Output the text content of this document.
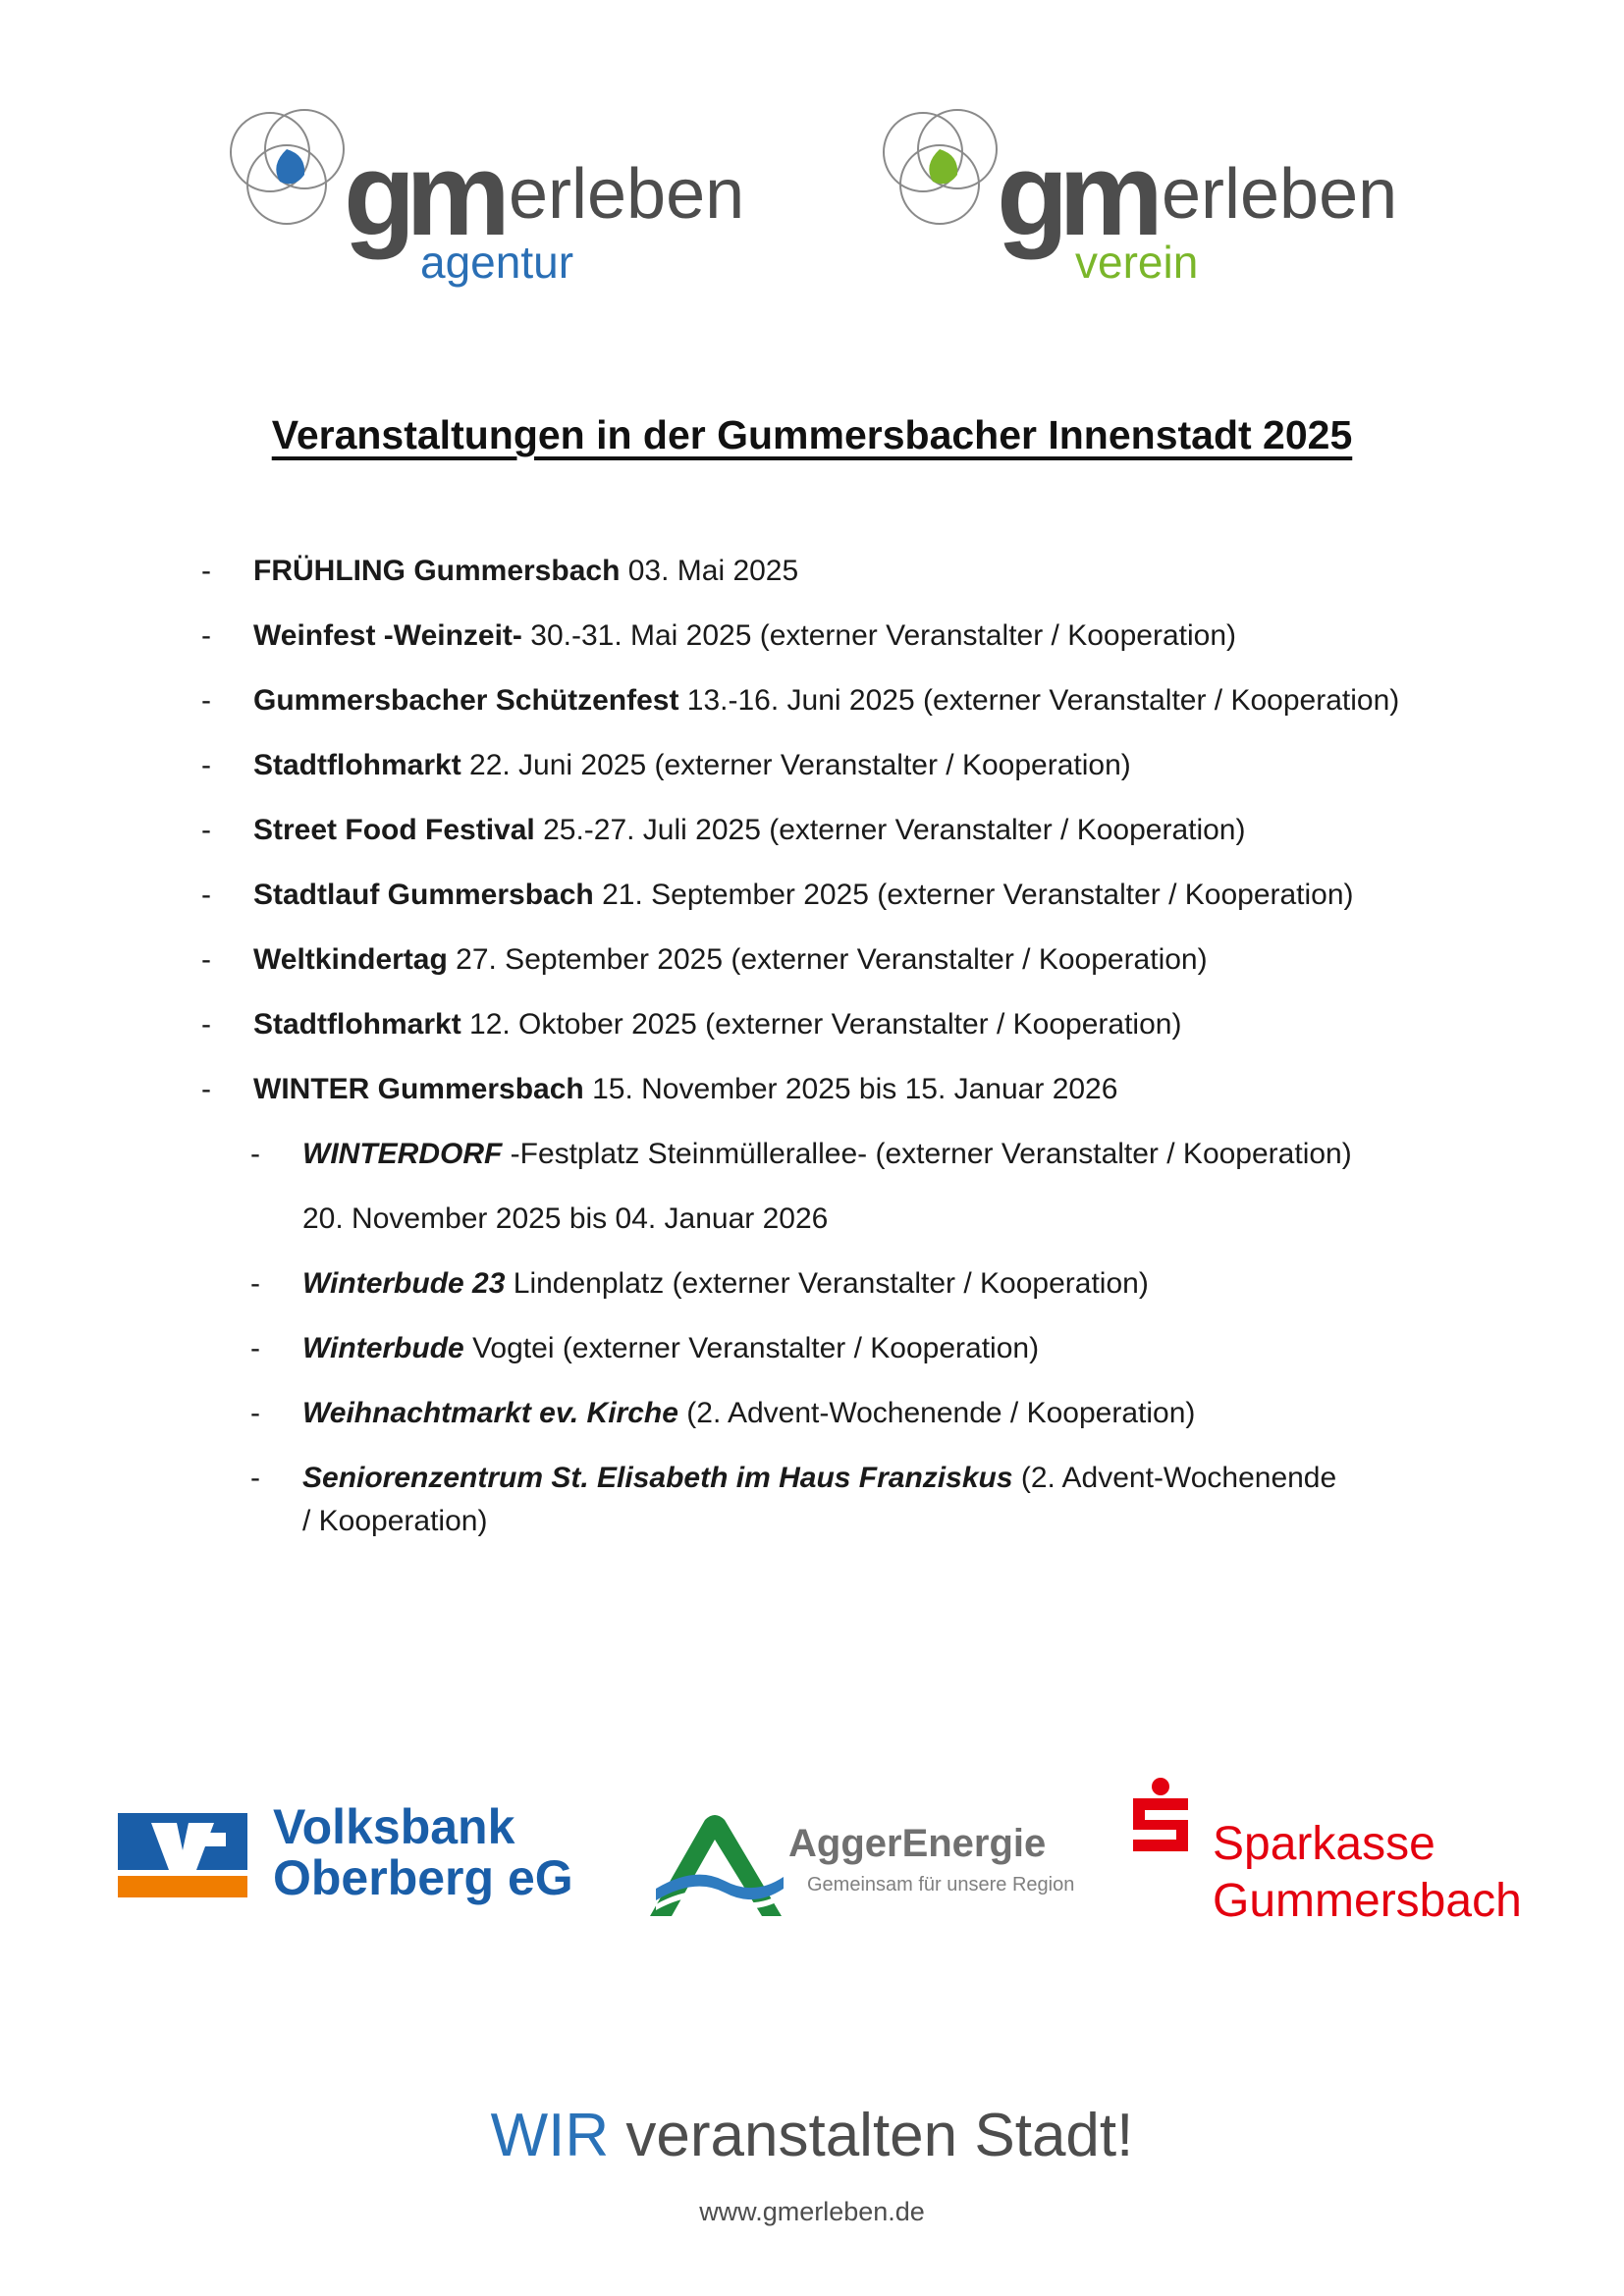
gm erleben
agentur
gm erleben
verein
Veranstaltungen in der Gummersbacher Innenstadt 2025
- FRÜHLING Gummersbach 03. Mai 2025
- Weinfest -Weinzeit- 30.-31. Mai 2025 (externer Veranstalter / Kooperation)
- Gummersbacher Schützenfest 13.-16. Juni 2025 (externer Veranstalter / Kooperation)
- Stadtflohmarkt 22. Juni 2025 (externer Veranstalter / Kooperation)
- Street Food Festival 25.-27. Juli 2025 (externer Veranstalter / Kooperation)
- Stadtlauf Gummersbach 21. September 2025 (externer Veranstalter / Kooperation)
- Weltkindertag 27. September 2025 (externer Veranstalter / Kooperation)
- Stadtflohmarkt 12. Oktober 2025 (externer Veranstalter / Kooperation)
- WINTER Gummersbach 15. November 2025 bis 15. Januar 2026
- WINTERDORF -Festplatz Steinmüllerallee- (externer Veranstalter / Kooperation)
20. November 2025 bis 04. Januar 2026
- Winterbude 23 Lindenplatz (externer Veranstalter / Kooperation)
- Winterbude Vogtei (externer Veranstalter / Kooperation)
- Weihnachtmarkt ev. Kirche (2. Advent-Wochenende / Kooperation)
- Seniorenzentrum St. Elisabeth im Haus Franziskus (2. Advent-Wochenende / Kooperation)
Volksbank
Oberberg eG
AggerEnergie
Gemeinsam für unsere Region
Sparkasse
Gummersbach
WIR veranstalten Stadt!
www.gmerleben.de
